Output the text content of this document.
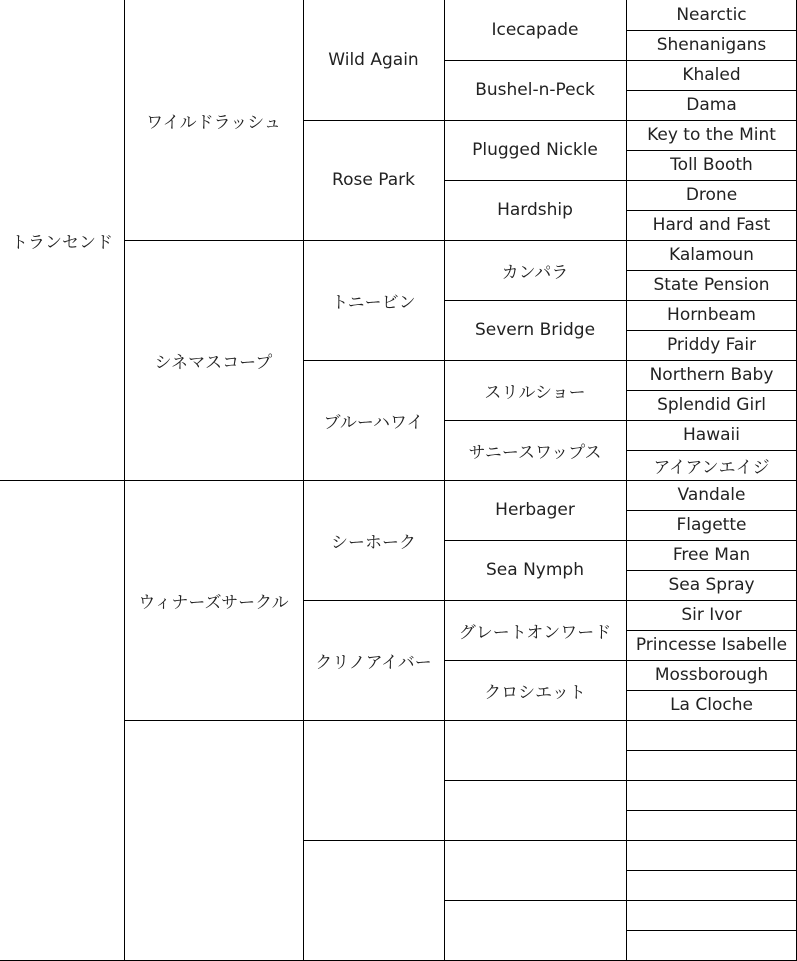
トランセンド
ワイルドラッシュ
シネマスコープ
ウィナーズサークル
Wild Again
Rose Park
トニービン
ブルーハワイ
シーホーク
クリノアイバー
Icecapade
Bushel-n-Peck
Plugged Nickle
Hardship
カンパラ
Severn Bridge
スリルショー
サニースワップス
Herbager
Sea Nymph
グレートオンワード
クロシエット
Nearctic
Shenanigans
Khaled
Dama
Key to the Mint
Toll Booth
Drone
Hard and Fast
Kalamoun
State Pension
Hornbeam
Priddy Fair
Northern Baby
Splendid Girl
Hawaii
アイアンエイジ
Vandale
Flagette
Free Man
Sea Spray
Sir Ivor
Princesse Isabelle
Mossborough
La Cloche
